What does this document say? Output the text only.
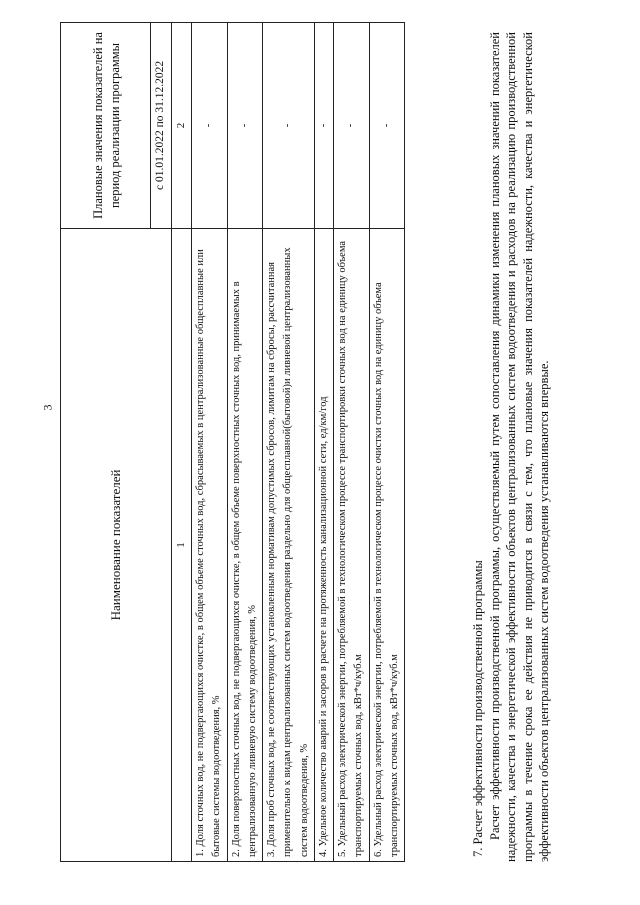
3
Наименование показателей	Плановые значения показателей на период реализации программы
	с 01.01.2022 по 31.12.2022
1	2
1. Доля сточных вод, не подвергающихся очистке, в общем объеме сточных вод, сбрасываемых в централизованные общесплавные или бытовые системы водоотведения, %	-
2. Доля поверхностных сточных вод, не подвергающихся очистке, в общем объеме поверхностных сточных вод, принимаемых в централизованную ливневую систему водоотведения, %	-
3. Доля проб сточных вод, не соответствующих установленным нормативам допустимых сбросов, лимитам на сбросы, рассчитанная применительно к видам централизованных систем водоотведения раздельно для общесплавной(бытовой)и ливневой централизованных систем водоотведения, %	-
4. Удельное количество аварий и засоров в расчете на протяженность канализационной сети, ед/км/год	-
5. Удельный расход электрической энергии, потребляемой в технологическом процессе транспортировки сточных вод на единицу объема транспортируемых сточных вод, кВт*ч/куб.м	-
6. Удельный расход электрической энергии, потребляемой в технологическом процессе очистки сточных вод на единицу объема транспортируемых сточных вод, кВт*ч/куб.м	-

7. Расчет эффективности производственной программы Расчет эффективности производственной программы, осуществляемый путем сопоставления динамики изменения плановых значений показателей надежности, качества и энергетической эффективности объектов централизованных систем водоотведения и расходов на реализацию производственной программы в течение срока ее действия не приводится в связи с тем, что плановые значения показателей надежности, качества и энергетической эффективности объектов централизованных систем водоотведения устанавливаются впервые.
